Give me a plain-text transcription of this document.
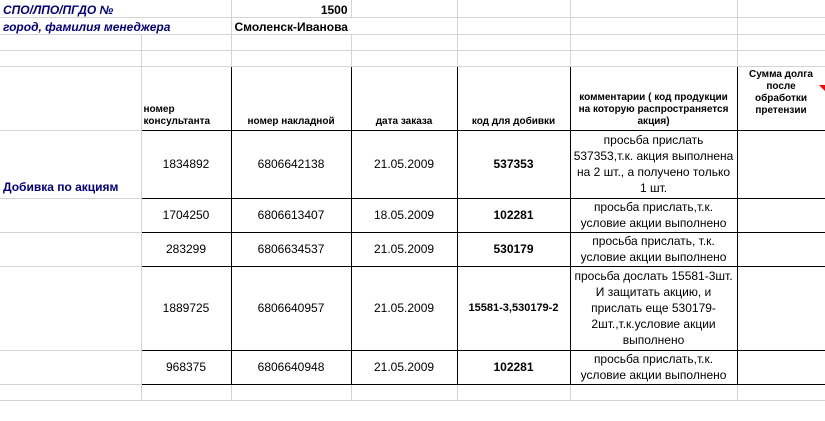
СПО/ЛПО/ПГДО №		1500				
город, фамилия менеджера		Смоленск-Иванова				

	номер консультанта	номер накладной	дата заказа	код для добивки	комментарии ( код продукции на которую распространяется акция)	Сумма долга после обработки претензии
Добивка по акциям	1834892	6806642138	21.05.2009	537353	просьба прислать 537353,т.к. акция выполнена на 2 шт., а получено только 1 шт.	
	1704250	6806613407	18.05.2009	102281	просьба прислать,т.к. условие акции выполнено	
	283299	6806634537	21.05.2009	530179	просьба прислать, т.к. условие акции выполнено	
	1889725	6806640957	21.05.2009	15581-3,530179-2	просьба дослать 15581-3шт. И защитать акцию, и прислать еще 530179-2шт.,т.к.условие акции выполнено	
	968375	6806640948	21.05.2009	102281	просьба прислать,т.к. условие акции выполнено	
